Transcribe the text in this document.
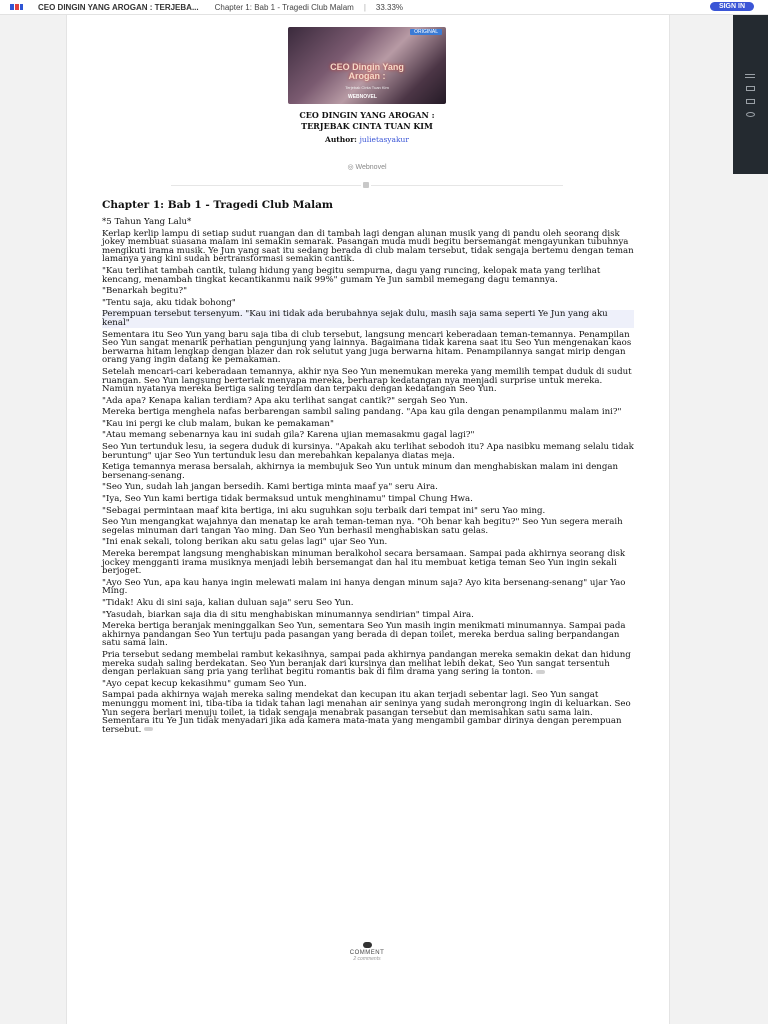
CEO DINGIN YANG AROGAN : TERJEBA... Chapter 1: Bab 1 - Tragedi Club Malam | 33.33%	SIGN IN
ORIGINAL
CEO Dingin Yang
Arogan :
Terjebak Cinta Tuan Kim
WEBNOVEL
CEO DINGIN YANG AROGAN :
TERJEBAK CINTA TUAN KIM
Author: julietasyakur
◎ Webnovel
Chapter 1: Bab 1 - Tragedi Club Malam

*5 Tahun Yang Lalu*

Kerlap kerlip lampu di setiap sudut ruangan dan di tambah lagi dengan alunan musik yang di pandu oleh seorang disk jokey membuat suasana malam ini semakin semarak. Pasangan muda mudi begitu bersemangat mengayunkan tubuhnya mengikuti irama musik. Ye Jun yang saat itu sedang berada di club malam tersebut, tidak sengaja bertemu dengan teman lamanya yang kini sudah bertransformasi semakin cantik.

"Kau terlihat tambah cantik, tulang hidung yang begitu sempurna, dagu yang runcing, kelopak mata yang terlihat kencang, menambah tingkat kecantikanmu naik 99%" gumam Ye Jun sambil memegang dagu temannya.

"Benarkah begitu?"

"Tentu saja, aku tidak bohong"

Perempuan tersebut tersenyum. "Kau ini tidak ada berubahnya sejak dulu, masih saja sama seperti Ye Jun yang aku kenal"

Sementara itu Seo Yun yang baru saja tiba di club tersebut, langsung mencari keberadaan teman-temannya. Penampilan Seo Yun sangat menarik perhatian pengunjung yang lainnya. Bagaimana tidak karena saat itu Seo Yun mengenakan kaos berwarna hitam lengkap dengan blazer dan rok selutut yang juga berwarna hitam. Penampilannya sangat mirip dengan orang yang ingin datang ke pemakaman.

Setelah mencari-cari keberadaan temannya, akhir nya Seo Yun menemukan mereka yang memilih tempat duduk di sudut ruangan. Seo Yun langsung berteriak menyapa mereka, berharap kedatangan nya menjadi surprise untuk mereka. Namun nyatanya mereka bertiga saling terdiam dan terpaku dengan kedatangan Seo Yun.

"Ada apa? Kenapa kalian terdiam? Apa aku terlihat sangat cantik?" sergah Seo Yun.

Mereka bertiga menghela nafas berbarengan sambil saling pandang. "Apa kau gila dengan penampilanmu malam ini?"

"Kau ini pergi ke club malam, bukan ke pemakaman"

"Atau memang sebenarnya kau ini sudah gila? Karena ujian memasakmu gagal lagi?"

Seo Yun tertunduk lesu, ia segera duduk di kursinya. "Apakah aku terlihat sebodoh itu? Apa nasibku memang selalu tidak beruntung" ujar Seo Yun tertunduk lesu dan merebahkan kepalanya diatas meja.

Ketiga temannya merasa bersalah, akhirnya ia membujuk Seo Yun untuk minum dan menghabiskan malam ini dengan bersenang-senang.

"Seo Yun, sudah lah jangan bersedih. Kami bertiga minta maaf ya" seru Aira.

"Iya, Seo Yun kami bertiga tidak bermaksud untuk menghinamu" timpal Chung Hwa.

"Sebagai permintaan maaf kita bertiga, ini aku suguhkan soju terbaik dari tempat ini" seru Yao ming.

Seo Yun mengangkat wajahnya dan menatap ke arah teman-teman nya. "Oh benar kah begitu?" Seo Yun segera meraih segelas minuman dari tangan Yao ming. Dan Seo Yun berhasil menghabiskan satu gelas.

"Ini enak sekali, tolong berikan aku satu gelas lagi" ujar Seo Yun.

Mereka berempat langsung menghabiskan minuman beralkohol secara bersamaan. Sampai pada akhirnya seorang disk jockey mengganti irama musiknya menjadi lebih bersemangat dan hal itu membuat ketiga teman Seo Yun ingin sekali berjoget.

"Ayo Seo Yun, apa kau hanya ingin melewati malam ini hanya dengan minum saja? Ayo kita bersenang-senang" ujar Yao Ming.

"Tidak! Aku di sini saja, kalian duluan saja" seru Seo Yun.

"Yasudah, biarkan saja dia di situ menghabiskan minumannya sendirian" timpal Aira.

Mereka bertiga beranjak meninggalkan Seo Yun, sementara Seo Yun masih ingin menikmati minumannya. Sampai pada akhirnya pandangan Seo Yun tertuju pada pasangan yang berada di depan toilet, mereka berdua saling berpandangan satu sama lain.

Pria tersebut sedang membelai rambut kekasihnya, sampai pada akhirnya pandangan mereka semakin dekat dan hidung mereka sudah saling berdekatan. Seo Yun beranjak dari kursinya dan melihat lebih dekat, Seo Yun sangat tersentuh dengan perlakuan sang pria yang terlihat begitu romantis bak di film drama yang sering ia tonton.

"Ayo cepat kecup kekasihmu" gumam Seo Yun.

Sampai pada akhirnya wajah mereka saling mendekat dan kecupan itu akan terjadi sebentar lagi. Seo Yun sangat menunggu moment ini, tiba-tiba ia tidak tahan lagi menahan air seninya yang sudah merongrong ingin di keluarkan. Seo Yun segera berlari menuju toilet, ia tidak sengaja menabrak pasangan tersebut dan memisahkan satu sama lain. Sementara itu Ye Jun tidak menyadari jika ada kamera mata-mata yang mengambil gambar dirinya dengan perempuan tersebut.

COMMENT
2 comments
